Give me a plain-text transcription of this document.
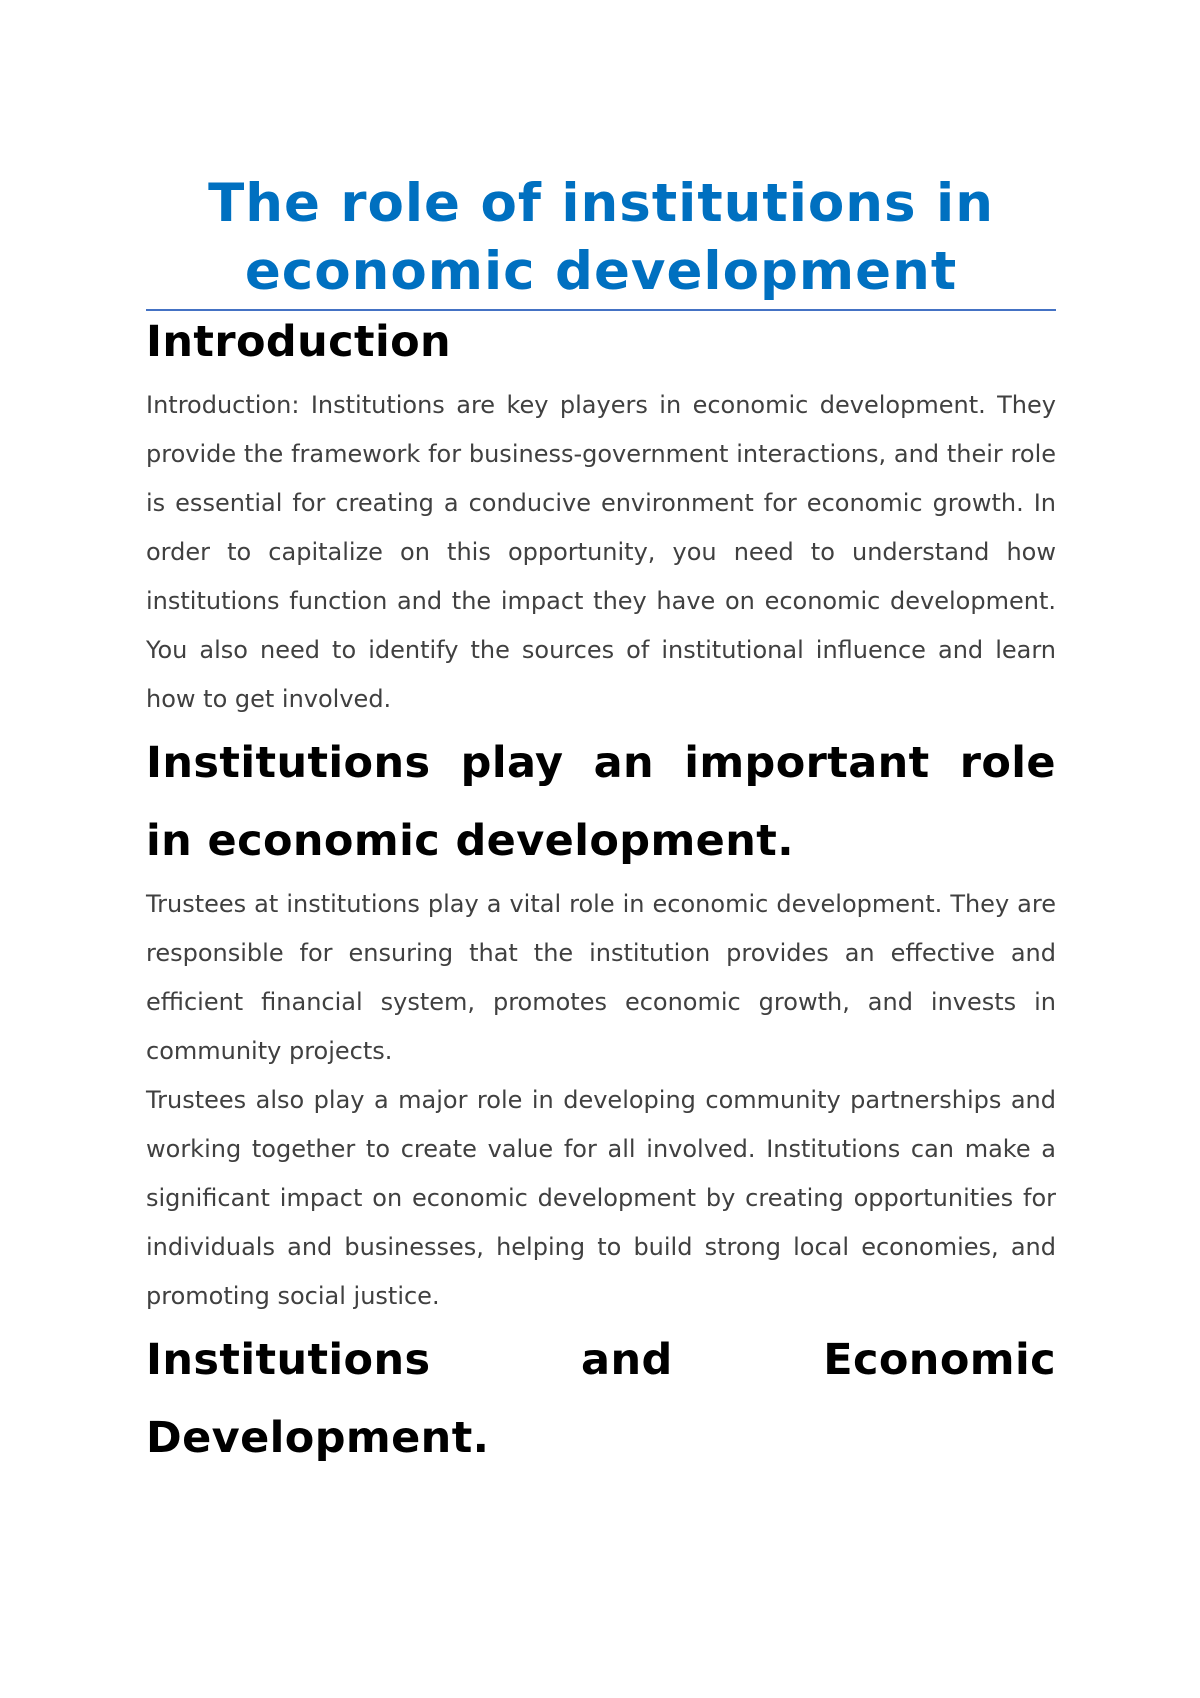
The role of institutions in economic development
Introduction

Introduction: Institutions are key players in economic development. They provide the framework for business-government interactions, and their role is essential for creating a conducive environment for economic growth. In order to capitalize on this opportunity, you need to understand how institutions function and the impact they have on economic development. You also need to identify the sources of institutional influence and learn how to get involved.

Institutions play an important role in economic development.

Trustees at institutions play a vital role in economic development. They are responsible for ensuring that the institution provides an effective and efficient financial system, promotes economic growth, and invests in community projects.

Trustees also play a major role in developing community partnerships and working together to create value for all involved. Institutions can make a significant impact on economic development by creating opportunities for individuals and businesses, helping to build strong local economies, and promoting social justice.

Institutions and Economic Development.
